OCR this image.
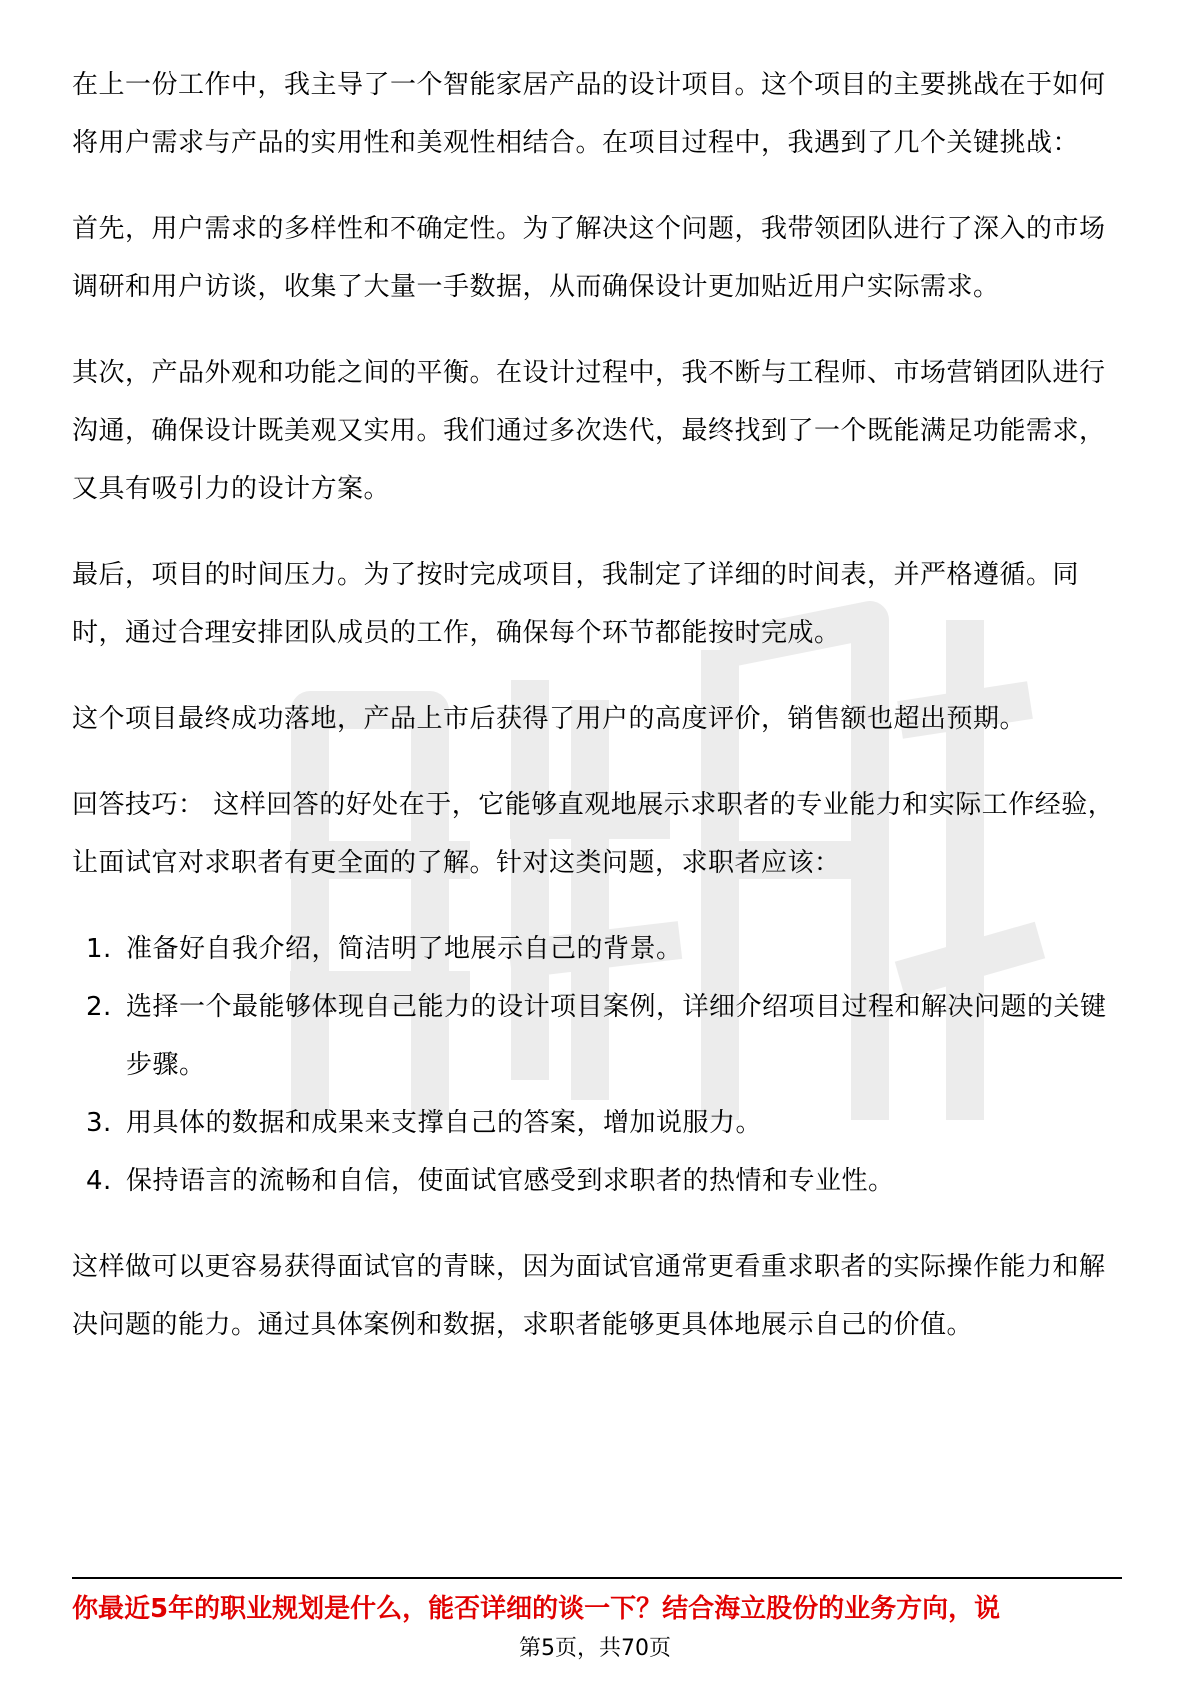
在上一份工作中，我主导了一个智能家居产品的设计项目。这个项目的主要挑战在于如何将用户需求与产品的实用性和美观性相结合。在项目过程中，我遇到了几个关键挑战：

首先，用户需求的多样性和不确定性。为了解决这个问题，我带领团队进行了深入的市场调研和用户访谈，收集了大量一手数据，从而确保设计更加贴近用户实际需求。

其次，产品外观和功能之间的平衡。在设计过程中，我不断与工程师、市场营销团队进行沟通，确保设计既美观又实用。我们通过多次迭代，最终找到了一个既能满足功能需求，又具有吸引力的设计方案。

最后，项目的时间压力。为了按时完成项目，我制定了详细的时间表，并严格遵循。同时，通过合理安排团队成员的工作，确保每个环节都能按时完成。

这个项目最终成功落地，产品上市后获得了用户的高度评价，销售额也超出预期。

回答技巧： 这样回答的好处在于，它能够直观地展示求职者的专业能力和实际工作经验，让面试官对求职者有更全面的了解。针对这类问题，求职者应该：

1. 准备好自我介绍，简洁明了地展示自己的背景。
2. 选择一个最能够体现自己能力的设计项目案例，详细介绍项目过程和解决问题的关键步骤。
3. 用具体的数据和成果来支撑自己的答案，增加说服力。
4. 保持语言的流畅和自信，使面试官感受到求职者的热情和专业性。

这样做可以更容易获得面试官的青睐，因为面试官通常更看重求职者的实际操作能力和解决问题的能力。通过具体案例和数据，求职者能够更具体地展示自己的价值。

你最近5年的职业规划是什么，能否详细的谈一下？结合海立股份的业务方向，说
第5页，共70页
